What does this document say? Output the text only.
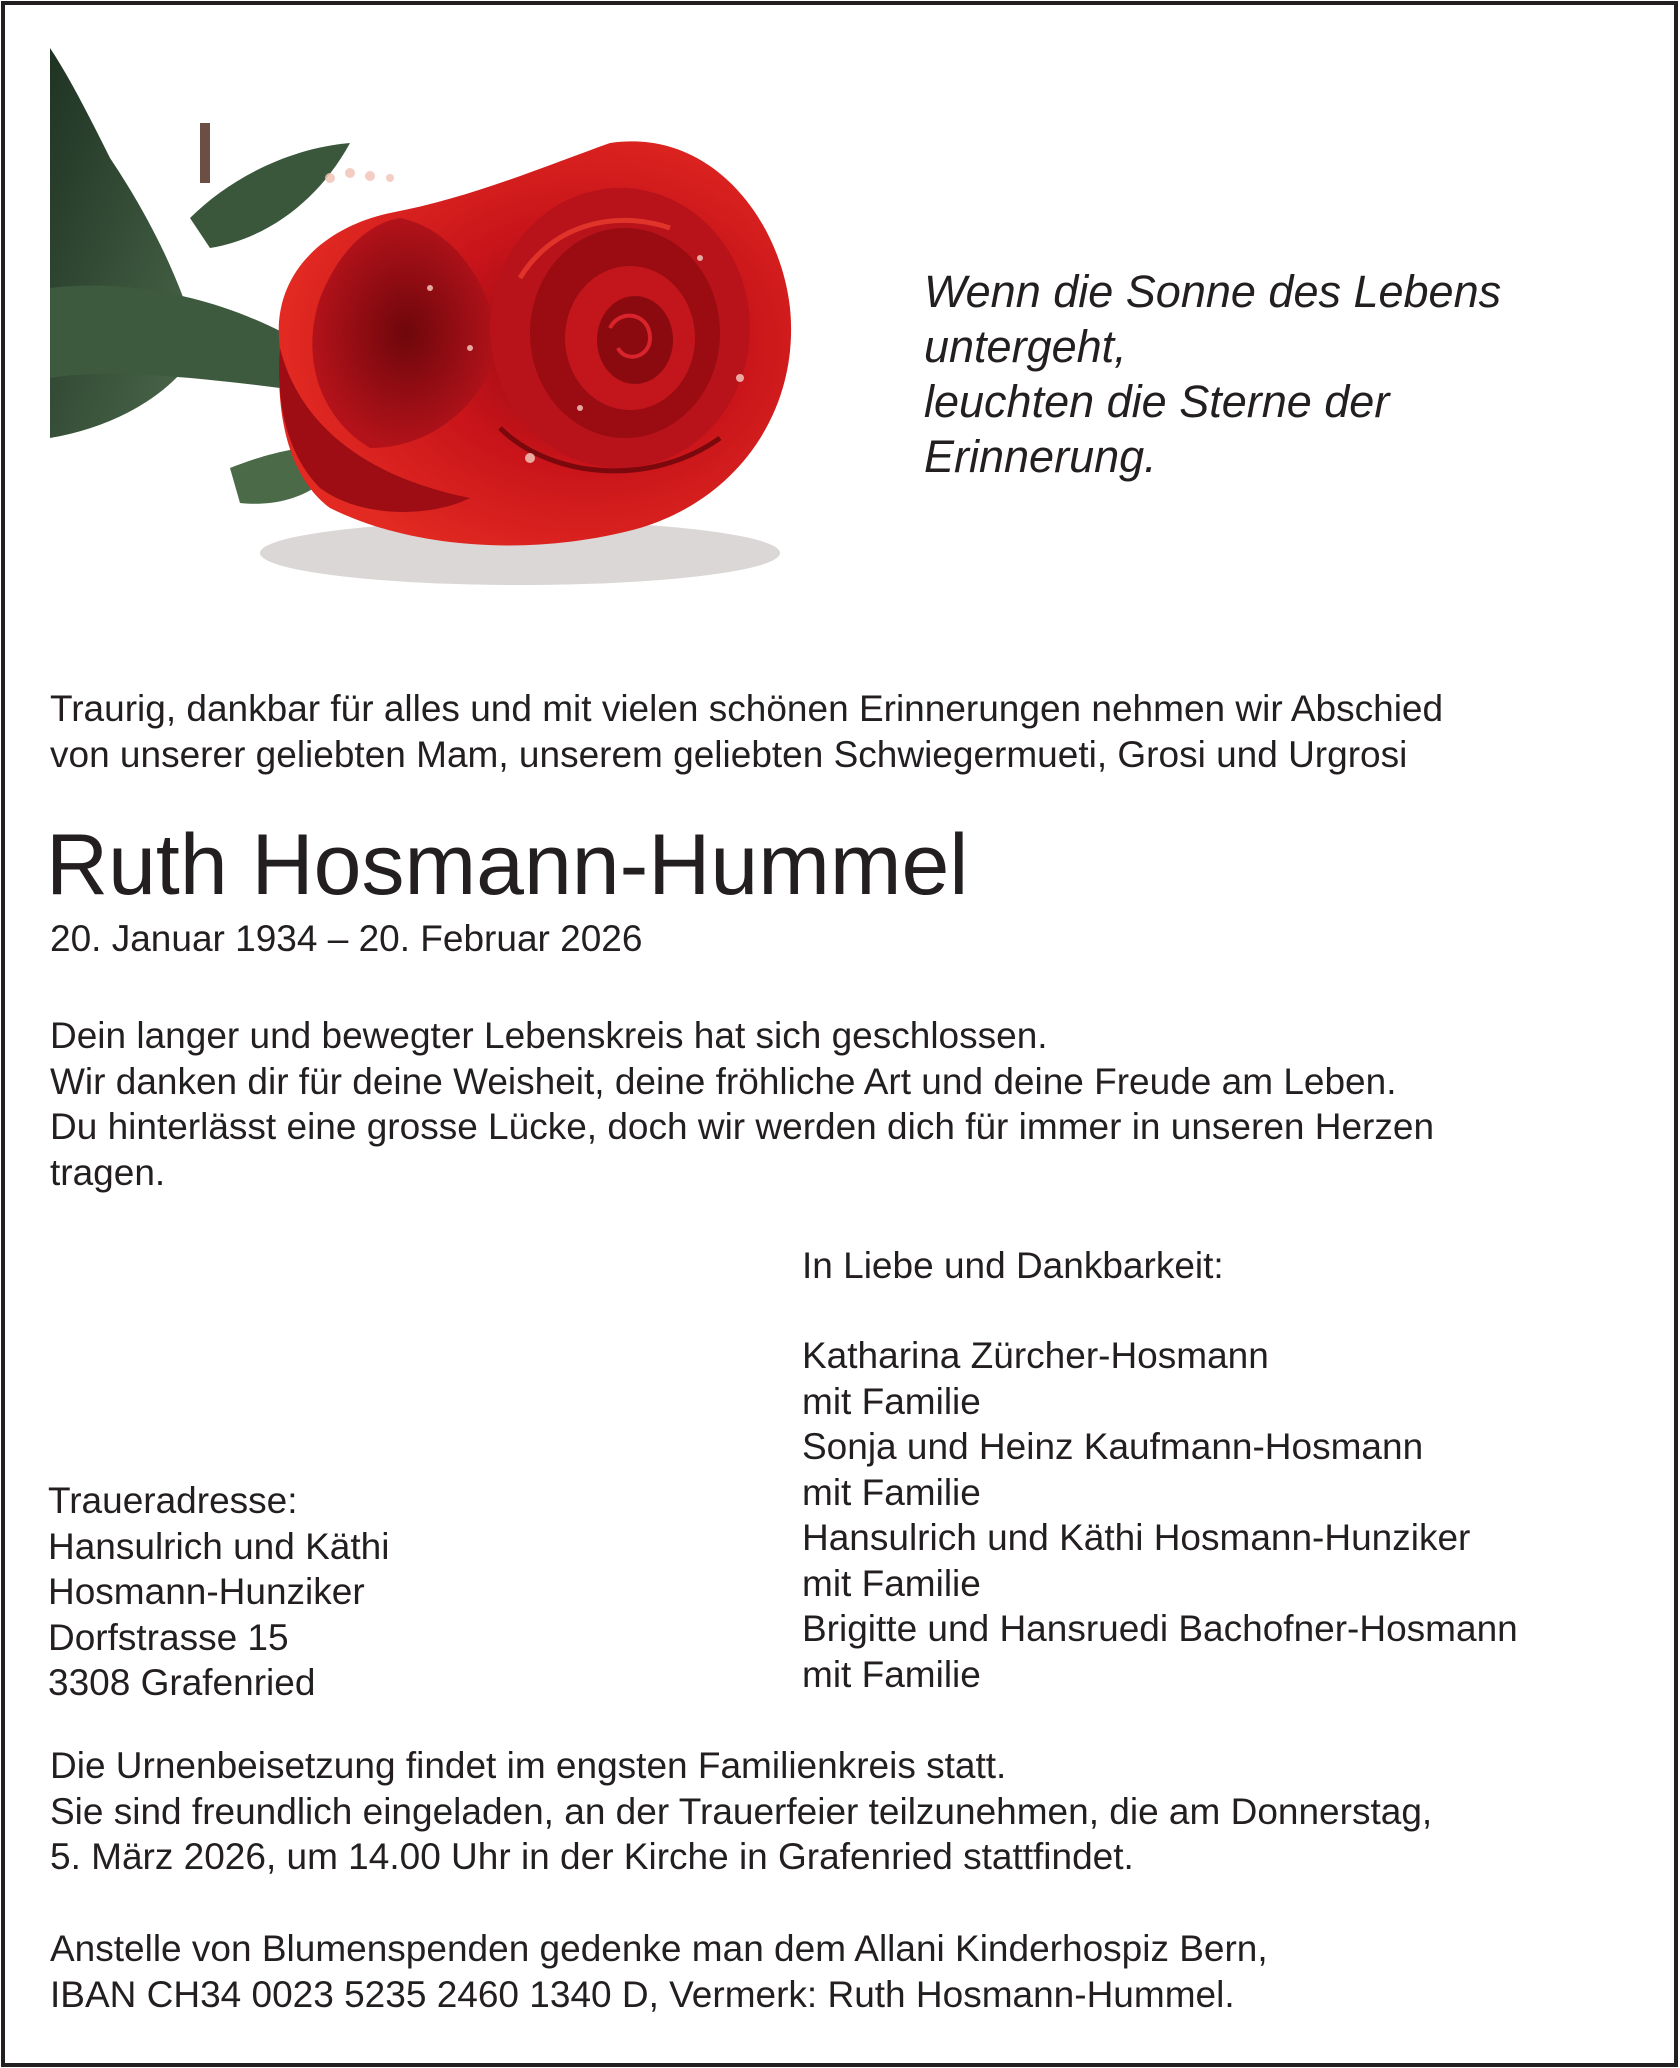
Wenn die Sonne des Lebens
untergeht,
leuchten die Sterne der
Erinnerung.
Traurig, dankbar für alles und mit vielen schönen Erinnerungen nehmen wir Abschied
von unserer geliebten Mam, unserem geliebten Schwiegermueti, Grosi und Urgrosi
Ruth Hosmann-Hummel
20. Januar 1934 – 20. Februar 2026
Dein langer und bewegter Lebenskreis hat sich geschlossen.
Wir danken dir für deine Weisheit, deine fröhliche Art und deine Freude am Leben.
Du hinterlässt eine grosse Lücke, doch wir werden dich für immer in unseren Herzen
tragen.
In Liebe und Dankbarkeit:
Katharina Zürcher-Hosmann
mit Familie
Sonja und Heinz Kaufmann-Hosmann
mit Familie
Hansulrich und Käthi Hosmann-Hunziker
mit Familie
Brigitte und Hansruedi Bachofner-Hosmann
mit Familie
Traueradresse:
Hansulrich und Käthi
Hosmann-Hunziker
Dorfstrasse 15
3308 Grafenried
Die Urnenbeisetzung findet im engsten Familienkreis statt.
Sie sind freundlich eingeladen, an der Trauerfeier teilzunehmen, die am Donnerstag,
5. März 2026, um 14.00 Uhr in der Kirche in Grafenried stattfindet.
Anstelle von Blumenspenden gedenke man dem Allani Kinderhospiz Bern,
IBAN CH34 0023 5235 2460 1340 D, Vermerk: Ruth Hosmann-Hummel.
